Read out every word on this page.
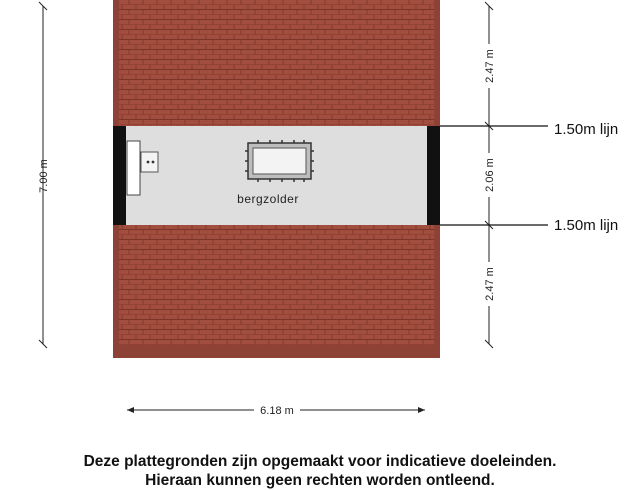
bergzolder
7.00 m
6.18 m
2.47 m
2.06 m
2.47 m
1.50m lijn
1.50m lijn
Deze plattegronden zijn opgemaakt voor indicatieve doeleinden.
Hieraan kunnen geen rechten worden ontleend.
